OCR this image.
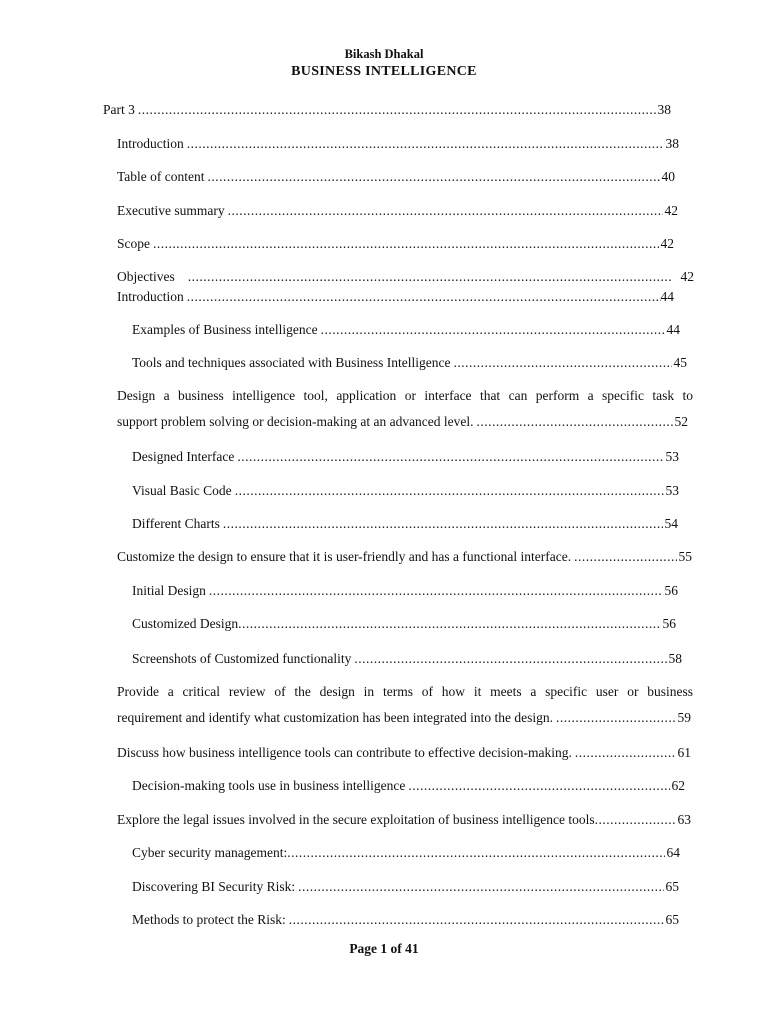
Bikash Dhakal
BUSINESS INTELLIGENCE
Part 3 .....	38
Introduction .....	38
Table of content .....	40
Executive summary .....	42
Scope .....	42
Objectives .....	42
Introduction .....	44
Examples of Business intelligence .....	44
Tools and techniques associated with Business Intelligence .....	45
Design a business intelligence tool, application or interface that can perform a specific task to
support problem solving or decision-making at an advanced level. .....	52
Designed Interface .....	53
Visual Basic Code .....	53
Different Charts .....	54
Customize the design to ensure that it is user-friendly and has a functional interface. .....	55
Initial Design .....	56
Customized Design .....	56
Screenshots of Customized functionality .....	58
Provide a critical review of the design in terms of how it meets a specific user or business
requirement and identify what customization has been integrated into the design. .....	59
Discuss how business intelligence tools can contribute to effective decision-making. .....	61
Decision-making tools use in business intelligence .....	62
Explore the legal issues involved in the secure exploitation of business intelligence tools .....	63
Cyber security management: .....	64
Discovering BI Security Risk: .....	65
Methods to protect the Risk: .....	65
Page 1 of 41
